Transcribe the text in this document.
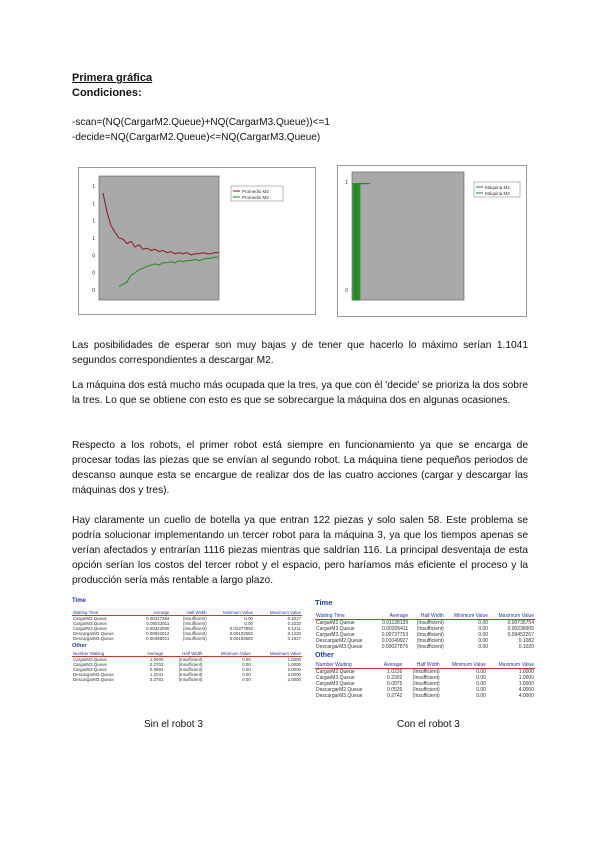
Primera gráfica
Condiciones:
-scan=(NQ(CargarM2.Queue)+NQ(CargarM3.Queue))<=1
-decide=NQ(CargarM2.Queue)<=NQ(CargarM3.Queue)
1
1
1
1
0
0
0
Promedio M2
Promedio M3
1
0
Máquina M2
Máquina M3
Las posibilidades de esperar son muy bajas y de tener que hacerlo lo máximo serían 1.1041 segundos correspondientes a descargar M2.
La máquina dos está mucho más ocupada que la tres, ya que con él 'decide' se prioriza la dos sobre la tres. Lo que se obtiene con esto es que se sobrecargue la máquina dos en algunas ocasiones.
Respecto a los robots, el primer robot está siempre en funcionamiento ya que se encarga de procesar todas las piezas que se envían al segundo robot. La máquina tiene pequeños periodos de descanso aunque esta se encargue de realizar dos de las cuatro acciones (cargar y descargar las máquinas dos y tres).
Hay claramente un cuello de botella ya que entran 122 piezas y solo salen 58. Este problema se podría solucionar implementando un tercer robot para la máquina 3, ya que los tiempos apenas se verían afectados y entrarían 1116 piezas mientras que saldrían 116. La principal desventaja de esta opción serían los costos del tercer robot y el espacio, pero haríamos más eficiente el proceso y la producción sería más rentable a largo plazo.
Time
Waiting Time	Average	Half Width	Minimum Value	Maximum Value
CargarM2.Queue	0.00317354	(Insufficient)	0.00	0.1017
CargarM3.Queue	0.00023911	(Insufficient)	0.00	0.1010
CargarM2.Queue	0.00322090	(Insufficient)	0.02377892	0.1211
DescargarM2.Queue	0.00922012	(Insufficient)	0.00102582	0.1220
DescargarM3.Queue	0.00498021	(Insufficient)	0.00166583	0.1917
Other
Number Waiting	Average	Half Width	Minimum Value	Maximum Value
CargarM3.Queue	1.0000	(Insufficient)	0.00	1.0000
CargarM3.Queue	0.2703	(Insufficient)	0.00	1.0000
CargarM2.Queue	0.0984	(Insufficient)	0.00	1.0000
DescargarM3.Queue	1.1041	(Insufficient)	0.00	2.0000
DescargarM3.Queue	0.2781	(Insufficient)	0.00	2.0000
Time
Waiting Time	Average	Half Width	Minimum Value	Maximum Value
CargarM2.Queue	0.01138139	(Insufficient)	0.00	0.00735754
CargarM3.Queue	0.00305411	(Insufficient)	0.00	0.00238905
CargarM3.Queue	0.00737753	(Insufficient)	0.00	0.09452267
DescargarM2.Queue	0.01049927	(Insufficient)	0.00	0.1082
DescargarM3.Queue	0.00027876	(Insufficient)	0.00	0.1020
Other
Number Waiting	Average	Half Width	Minimum Value	Maximum Value
CargarM2.Queue	1.0226	(Insufficient)	0.00	1.0000
CargarM3.Queue	0.2302	(Insufficient)	0.00	1.0000
CargarM3.Queue	0.0975	(Insufficient)	0.00	1.0000
DescargarM2.Queue	0.0526	(Insufficient)	0.00	4.0000
DescargarM3.Queue	0.2742	(Insufficient)	0.00	4.0000
Sin el robot 3	Con el robot 3
